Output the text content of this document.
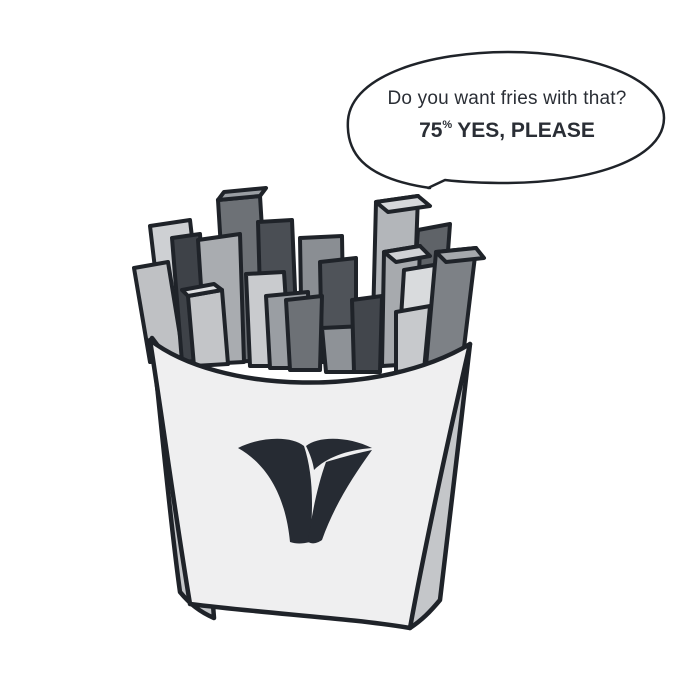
Do you want fries with that?
75% YES, PLEASE
